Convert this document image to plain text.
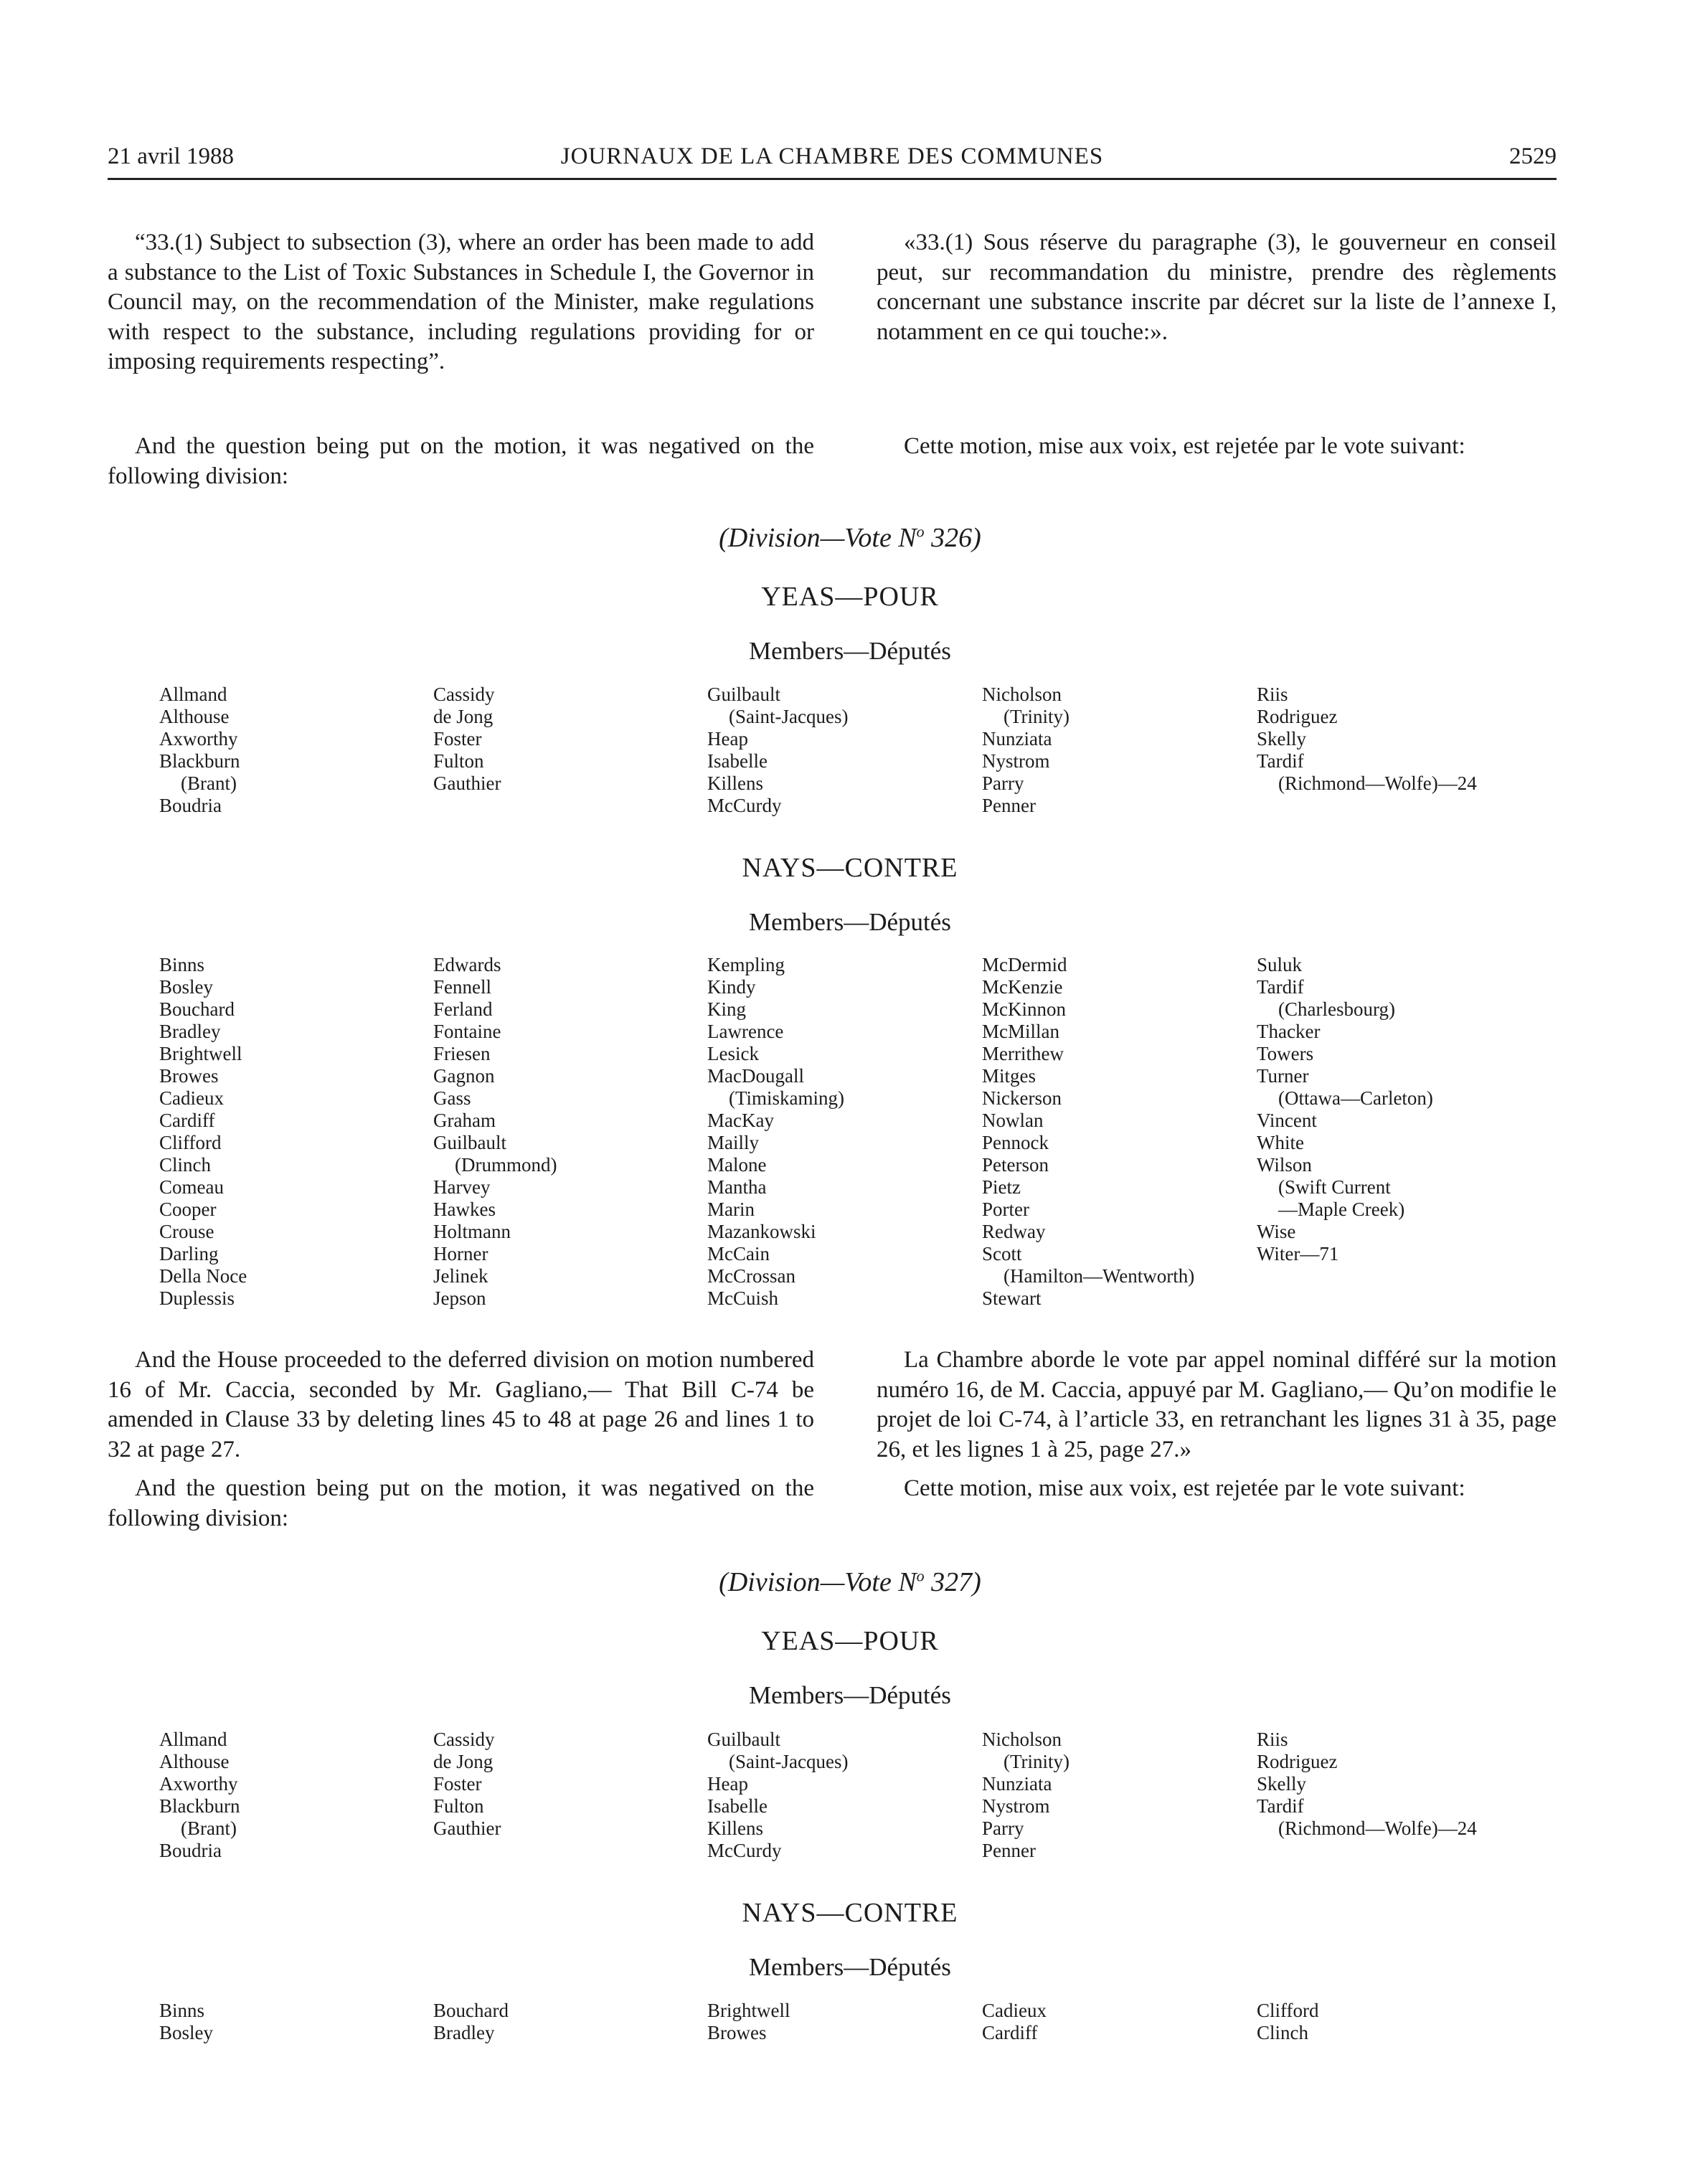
21 avril 1988	JOURNAUX DE LA CHAMBRE DES COMMUNES	2529

“33.(1) Subject to subsection (3), where an order has been made to add a substance to the List of Toxic Substances in Schedule I, the Governor in Council may, on the recommendation of the Minister, make regulations with respect to the substance, including regulations providing for or imposing requirements respecting”.

«33.(1) Sous réserve du paragraphe (3), le gouverneur en conseil peut, sur recommandation du ministre, prendre des règlements concernant une substance inscrite par décret sur la liste de l’annexe I, notamment en ce qui touche:».

And the question being put on the motion, it was negatived on the following division:

Cette motion, mise aux voix, est rejetée par le vote suivant:

(Division—Vote $N^o$ 326)
YEAS—POUR
Members—Députés
Allmand
Althouse
Axworthy
Blackburn
(Brant)
Boudria
Cassidy
de Jong
Foster
Fulton
Gauthier
Guilbault
(Saint-Jacques)
Heap
Isabelle
Killens
McCurdy
Nicholson
(Trinity)
Nunziata
Nystrom
Parry
Penner
Riis
Rodriguez
Skelly
Tardif
(Richmond—Wolfe)—24
NAYS—CONTRE
Members—Députés
Binns
Bosley
Bouchard
Bradley
Brightwell
Browes
Cadieux
Cardiff
Clifford
Clinch
Comeau
Cooper
Crouse
Darling
Della Noce
Duplessis
Edwards
Fennell
Ferland
Fontaine
Friesen
Gagnon
Gass
Graham
Guilbault
(Drummond)
Harvey
Hawkes
Holtmann
Horner
Jelinek
Jepson
Kempling
Kindy
King
Lawrence
Lesick
MacDougall
(Timiskaming)
MacKay
Mailly
Malone
Mantha
Marin
Mazankowski
McCain
McCrossan
McCuish
McDermid
McKenzie
McKinnon
McMillan
Merrithew
Mitges
Nickerson
Nowlan
Pennock
Peterson
Pietz
Porter
Redway
Scott
(Hamilton—Wentworth)
Stewart
Suluk
Tardif
(Charlesbourg)
Thacker
Towers
Turner
(Ottawa—Carleton)
Vincent
White
Wilson
(Swift Current
—Maple Creek)
Wise
Witer—71

And the House proceeded to the deferred division on motion numbered 16 of Mr. Caccia, seconded by Mr. Gagliano,— That Bill C-74 be amended in Clause 33 by deleting lines 45 to 48 at page 26 and lines 1 to 32 at page 27.

La Chambre aborde le vote par appel nominal différé sur la motion numéro 16, de M. Caccia, appuyé par M. Gagliano,— Qu’on modifie le projet de loi C-74, à l’article 33, en retranchant les lignes 31 à 35, page 26, et les lignes 1 à 25, page 27.»

And the question being put on the motion, it was negatived on the following division:

Cette motion, mise aux voix, est rejetée par le vote suivant:

(Division—Vote $N^o$ 327)
YEAS—POUR
Members—Députés
Allmand
Althouse
Axworthy
Blackburn
(Brant)
Boudria
Cassidy
de Jong
Foster
Fulton
Gauthier
Guilbault
(Saint-Jacques)
Heap
Isabelle
Killens
McCurdy
Nicholson
(Trinity)
Nunziata
Nystrom
Parry
Penner
Riis
Rodriguez
Skelly
Tardif
(Richmond—Wolfe)—24
NAYS—CONTRE
Members—Députés
Binns
Bosley
Bouchard
Bradley
Brightwell
Browes
Cadieux
Cardiff
Clifford
Clinch
